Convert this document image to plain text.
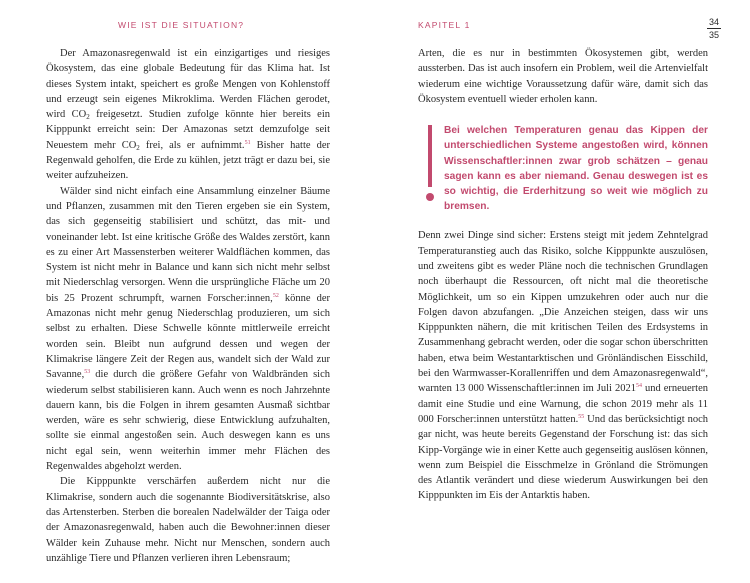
WIE IST DIE SITUATION?	KAPITEL 1	34
35

Der Amazonasregenwald ist ein einzigartiges und riesiges Ökosystem, das eine globale Bedeutung für das Klima hat. Ist dieses System intakt, speichert es große Mengen von Kohlenstoff und erzeugt sein eigenes Mikroklima. Werden Flächen gerodet, wird $CO_2$ freigesetzt. Studien zufolge könnte hier bereits ein Kipppunkt erreicht sein: Der Amazonas setzt demzufolge seit Neuestem mehr $CO_2$ frei, als er aufnimmt.$^{51}$ Bisher hatte der Regenwald geholfen, die Erde zu kühlen, jetzt trägt er dazu bei, sie weiter aufzuheizen.

Wälder sind nicht einfach eine Ansammlung einzelner Bäume und Pflanzen, zusammen mit den Tieren ergeben sie ein System, das sich gegenseitig stabilisiert und schützt, das mit- und voneinander lebt. Ist eine kritische Größe des Waldes zerstört, kann es zu einer Art Massensterben weiterer Waldflächen kommen, das System ist nicht mehr in Balance und kann sich nicht mehr selbst mit Niederschlag versorgen. Wenn die ursprüngliche Fläche um 20 bis 25 Prozent schrumpft, warnen Forscher:innen,$^{52}$ könne der Amazonas nicht mehr genug Niederschlag produzieren, um sich selbst zu erhalten. Diese Schwelle könnte mittlerweile erreicht worden sein. Bleibt nun aufgrund dessen und wegen der Klimakrise längere Zeit der Regen aus, wandelt sich der Wald zur Savanne,$^{53}$ die durch die größere Gefahr von Waldbränden sich wiederum selbst stabilisieren kann. Auch wenn es noch Jahrzehnte dauern kann, bis die Folgen in ihrem gesamten Ausmaß sichtbar werden, wäre es sehr schwierig, diese Entwicklung aufzuhalten, sollte sie einmal angestoßen sein. Auch deswegen kann es uns nicht egal sein, wenn weiterhin immer mehr Flächen des Regenwaldes abgeholzt werden.

Die Kipppunkte verschärfen außerdem nicht nur die Klimakrise, sondern auch die sogenannte Biodiversitätskrise, also das Artensterben. Sterben die borealen Nadelwälder der Taiga oder der Amazonasregenwald, haben auch die Bewohner:innen dieser Wälder kein Zuhause mehr. Nicht nur Menschen, sondern auch unzählige Tiere und Pflanzen verlieren ihren Lebensraum;

Arten, die es nur in bestimmten Ökosystemen gibt, werden aussterben. Das ist auch insofern ein Problem, weil die Artenvielfalt wiederum eine wichtige Voraussetzung dafür wäre, damit sich das Ökosystem eventuell wieder erholen kann.

Bei welchen Temperaturen genau das Kippen der unterschiedlichen Systeme angestoßen wird, können Wissenschaftler:innen zwar grob schätzen – genau sagen kann es aber niemand. Genau deswegen ist es so wichtig, die Erderhitzung so weit wie möglich zu bremsen.

Denn zwei Dinge sind sicher: Erstens steigt mit jedem Zehntelgrad Temperaturanstieg auch das Risiko, solche Kipppunkte auszulösen, und zweitens gibt es weder Pläne noch die technischen Grundlagen noch überhaupt die Ressourcen, oft nicht mal die theoretische Möglichkeit, um so ein Kippen umzukehren oder auch nur die Folgen davon abzufangen. „Die Anzeichen steigen, dass wir uns Kipppunkten nähern, die mit kritischen Teilen des Erdsystems in Zusammenhang gebracht werden, oder die sogar schon überschritten haben, etwa beim Westantarktischen und Grönländischen Eisschild, bei den Warmwasser-Korallenriffen und dem Amazonasregenwald“, warnten 13 000 Wissenschaftler:innen im Juli 2021$^{54}$ und erneuerten damit eine Studie und eine Warnung, die schon 2019 mehr als 11 000 Forscher:innen unterstützt hatten.$^{55}$ Und das berücksichtigt noch gar nicht, was heute bereits Gegenstand der Forschung ist: das sich Kipp-Vorgänge wie in einer Kette auch gegenseitig auslösen können, wenn zum Beispiel die Eisschmelze in Grönland die Strömungen des Atlantik verändert und diese wiederum Auswirkungen bei den Kipppunkten im Eis der Antarktis haben.
